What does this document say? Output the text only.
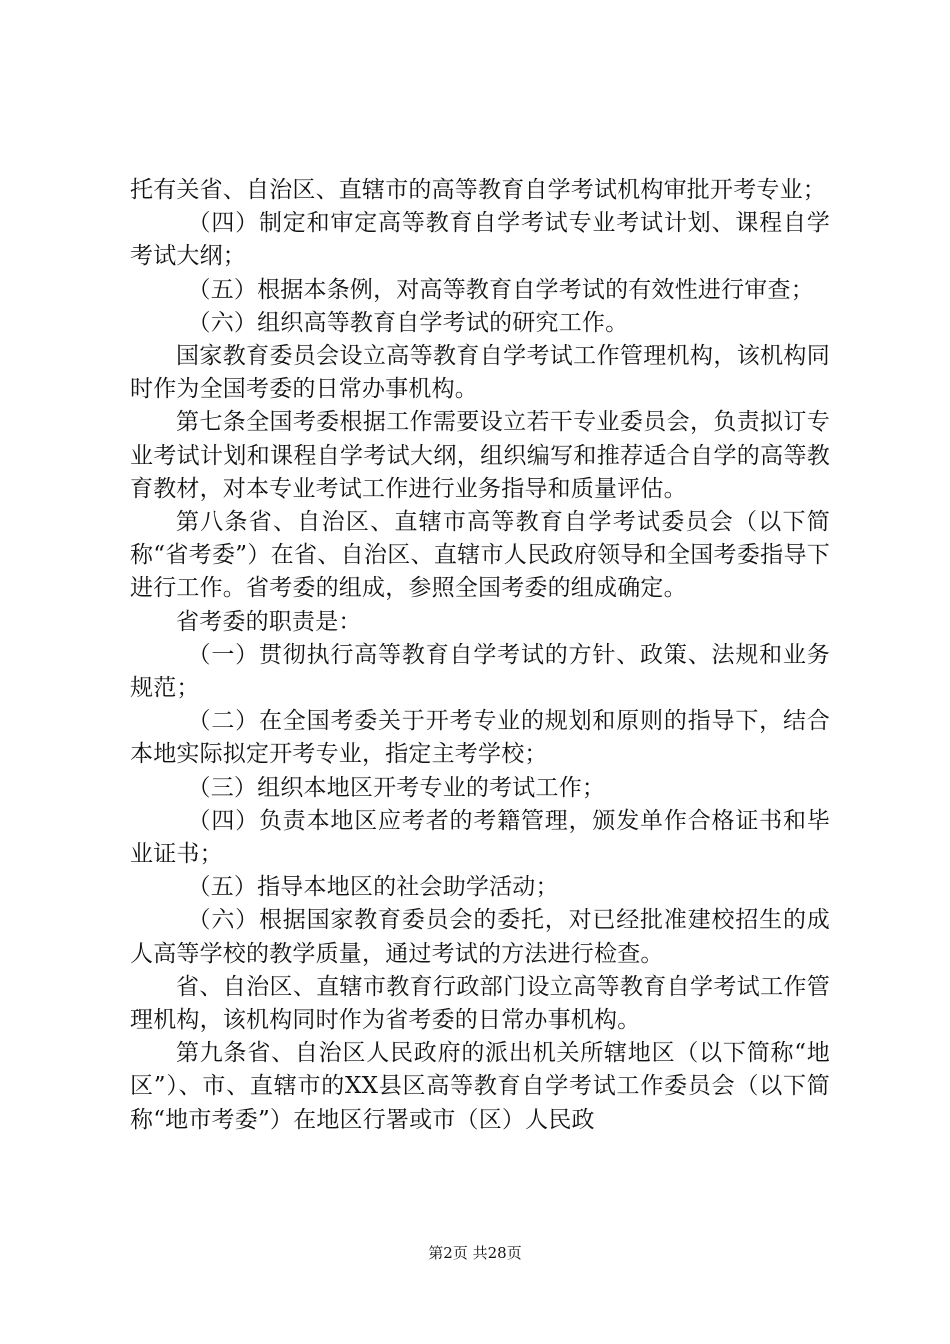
托有关省、自治区、直辖市的高等教育自学考试机构审批开考专业；

（四）制定和审定高等教育自学考试专业考试计划、课程自学考试大纲；

（五）根据本条例，对高等教育自学考试的有效性进行审查；

（六）组织高等教育自学考试的研究工作。

国家教育委员会设立高等教育自学考试工作管理机构，该机构同时作为全国考委的日常办事机构。

第七条全国考委根据工作需要设立若干专业委员会，负责拟订专业考试计划和课程自学考试大纲，组织编写和推荐适合自学的高等教育教材，对本专业考试工作进行业务指导和质量评估。

第八条省、自治区、直辖市高等教育自学考试委员会（以下简称“省考委”）在省、自治区、直辖市人民政府领导和全国考委指导下进行工作。省考委的组成，参照全国考委的组成确定。

省考委的职责是：

（一）贯彻执行高等教育自学考试的方针、政策、法规和业务规范；

（二）在全国考委关于开考专业的规划和原则的指导下，结合本地实际拟定开考专业，指定主考学校；

（三）组织本地区开考专业的考试工作；

（四）负责本地区应考者的考籍管理，颁发单作合格证书和毕业证书；

（五）指导本地区的社会助学活动；

（六）根据国家教育委员会的委托，对已经批准建校招生的成人高等学校的教学质量，通过考试的方法进行检查。

省、自治区、直辖市教育行政部门设立高等教育自学考试工作管理机构，该机构同时作为省考委的日常办事机构。

第九条省、自治区人民政府的派出机关所辖地区（以下简称“地区”）、市、直辖市的XX县区高等教育自学考试工作委员会（以下简称“地市考委”）在地区行署或市（区）人民政

第2页 共28页
